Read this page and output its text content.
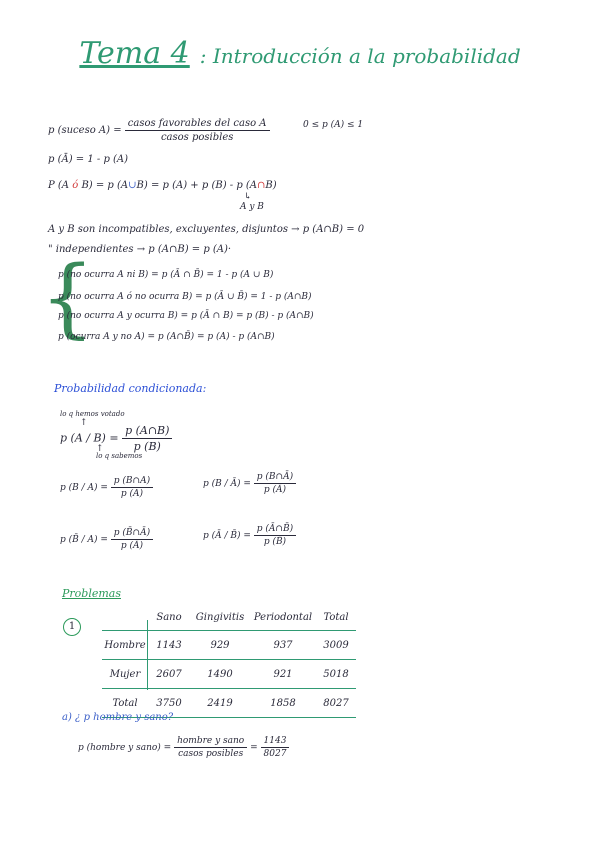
Tema 4 : Introducción a la probabilidad
p (suceso $A) = \frac{\text{casos favorables del caso A}}{\text{casos posibles}}$	0 ≤ p (A) ≤ 1
p (Ā) = 1 - p (A)
P (A ó B) = p (A∪B) = p (A) + p (B) - p (A∩B)
↳
A y B
A y B son incompatibles, excluyentes, disjuntos → p (A∩B) = 0
" independientes → p (A∩B) = p (A)·
{
p (no ocurra A ni B) = p (Ā ∩ B̄) = 1 - p (A ∪ B)
p (no ocurra A ó no ocurra B) = p (Ā ∪ B̄) = 1 - p (A∩B)
p (no ocurra A y ocurra B) = p (Ā ∩ B) = p (B) - p (A∩B)
p (ocurra A y no A) = p (A∩B̄) = p (A) - p (A∩B)
Probabilidad condicionada:
lo q hemos votado
↑
p $(A / B) = \frac{p (A\cap B)}{p (B)}$
↑
lo q sabemos
p $(B / A) = \frac{p (B\cap A)}{p (A)}$	p (B / Ā) = $\frac{p (B\cap Ā)}{p (Ā)}$
p (B̄ / $A) = \frac{p (B̄\cap Ā)}{p (Ā)}$	p (Ā / B̄) = $\frac{p (Ā\cap B̄)}{p (B̄)}$
Problemas
1
	Sano	Gingivitis	Periodontal	Total
Hombre	1143	929	937	3009
Mujer	2607	1490	921	5018
Total	3750	2419	1858	8027
a) ¿ p hombre y sano?
p (hombre y sano) = $\frac{\text{hombre y sano}}{\text{casos posibles}} = \frac{1143}{8027}$
